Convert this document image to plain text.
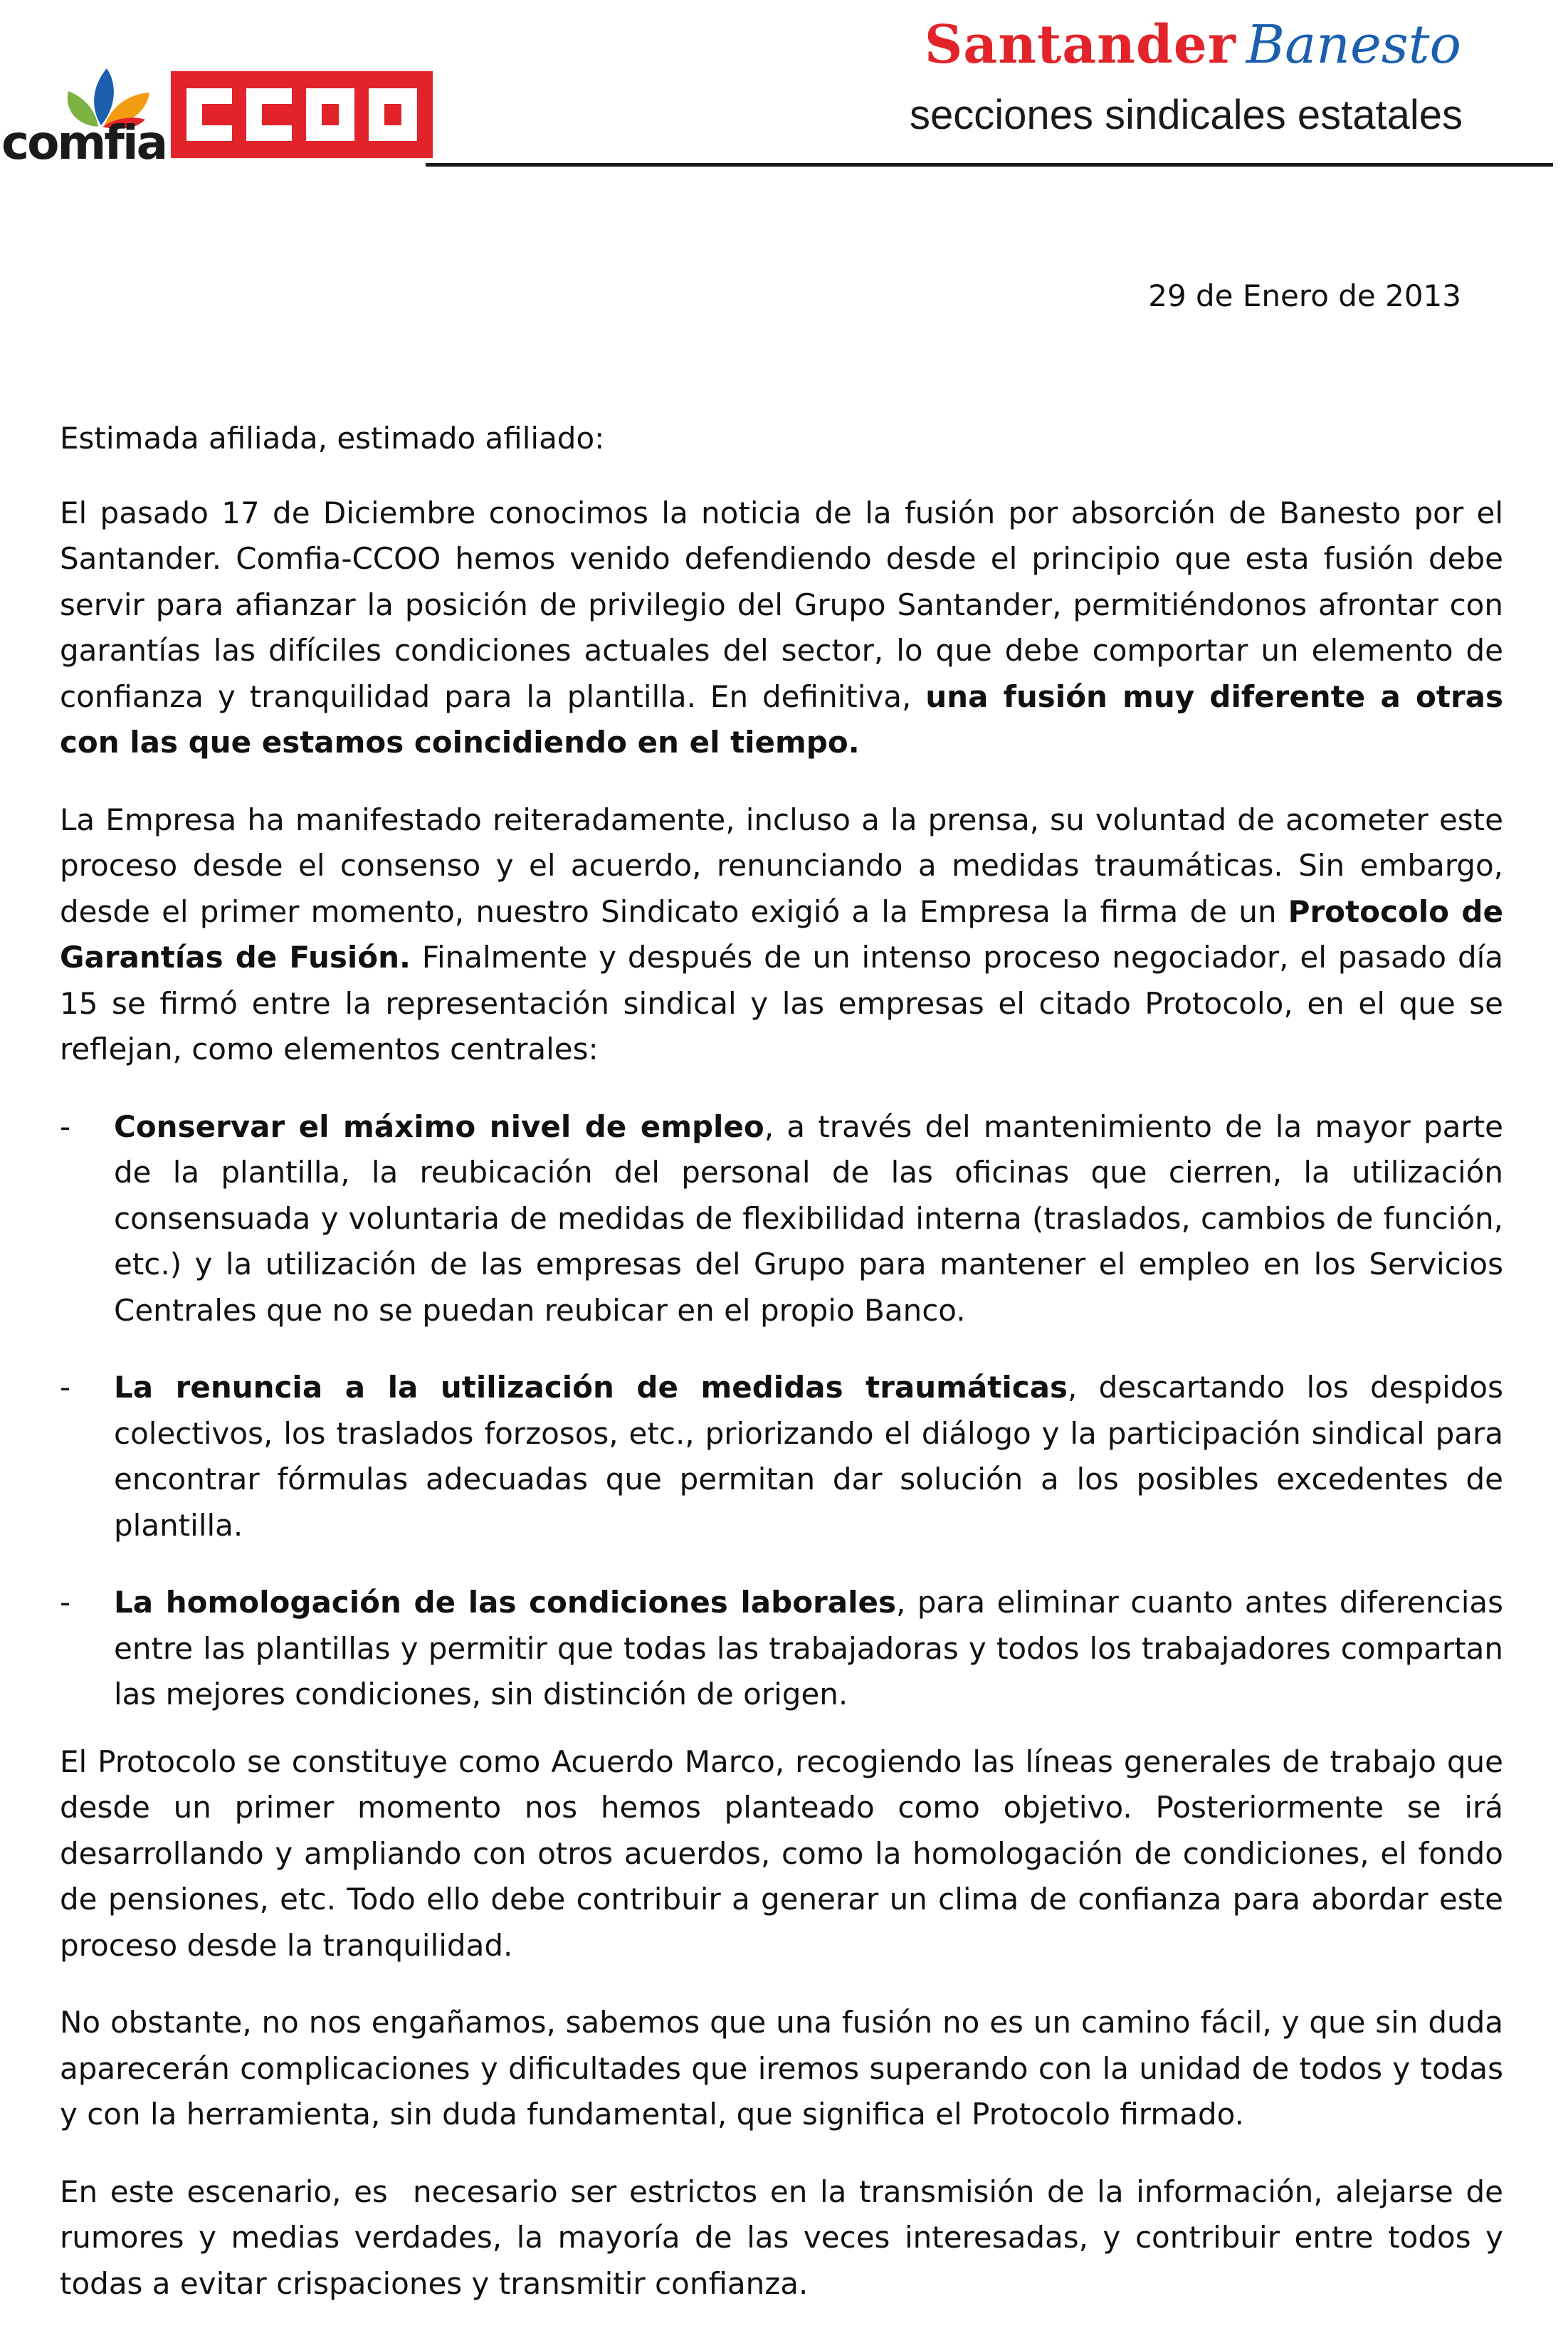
comfia
Santander Banesto
secciones sindicales estatales
29 de Enero de 2013

Estimada afiliada, estimado afiliado:

El pasado 17 de Diciembre conocimos la noticia de la fusión por absorción de Banesto por el Santander. Comfia-CCOO hemos venido defendiendo desde el principio que esta fusión debe servir para afianzar la posición de privilegio del Grupo Santander, permitiéndonos afrontar con garantías las difíciles condiciones actuales del sector, lo que debe comportar un elemento de confianza y tranquilidad para la plantilla. En definitiva, una fusión muy diferente a otras con las que estamos coincidiendo en el tiempo.

La Empresa ha manifestado reiteradamente, incluso a la prensa, su voluntad de acometer este proceso desde el consenso y el acuerdo, renunciando a medidas traumáticas. Sin embargo, desde el primer momento, nuestro Sindicato exigió a la Empresa la firma de un Protocolo de Garantías de Fusión. Finalmente y después de un intenso proceso negociador, el pasado día 15 se firmó entre la representación sindical y las empresas el citado Protocolo, en el que se reflejan, como elementos centrales:

- Conservar el máximo nivel de empleo, a través del mantenimiento de la mayor parte de la plantilla, la reubicación del personal de las oficinas que cierren, la utilización consensuada y voluntaria de medidas de flexibilidad interna (traslados, cambios de función, etc.) y la utilización de las empresas del Grupo para mantener el empleo en los Servicios Centrales que no se puedan reubicar en el propio Banco.

- La renuncia a la utilización de medidas traumáticas, descartando los despidos colectivos, los traslados forzosos, etc., priorizando el diálogo y la participación sindical para encontrar fórmulas adecuadas que permitan dar solución a los posibles excedentes de plantilla.

- La homologación de las condiciones laborales, para eliminar cuanto antes diferencias entre las plantillas y permitir que todas las trabajadoras y todos los trabajadores compartan las mejores condiciones, sin distinción de origen.

El Protocolo se constituye como Acuerdo Marco, recogiendo las líneas generales de trabajo que desde un primer momento nos hemos planteado como objetivo. Posteriormente se irá desarrollando y ampliando con otros acuerdos, como la homologación de condiciones, el fondo de pensiones, etc. Todo ello debe contribuir a generar un clima de confianza para abordar este proceso desde la tranquilidad.

No obstante, no nos engañamos, sabemos que una fusión no es un camino fácil, y que sin duda aparecerán complicaciones y dificultades que iremos superando con la unidad de todos y todas y con la herramienta, sin duda fundamental, que significa el Protocolo firmado.

En este escenario, es  necesario ser estrictos en la transmisión de la información, alejarse de rumores y medias verdades, la mayoría de las veces interesadas, y contribuir entre todos y todas a evitar crispaciones y transmitir confianza.
